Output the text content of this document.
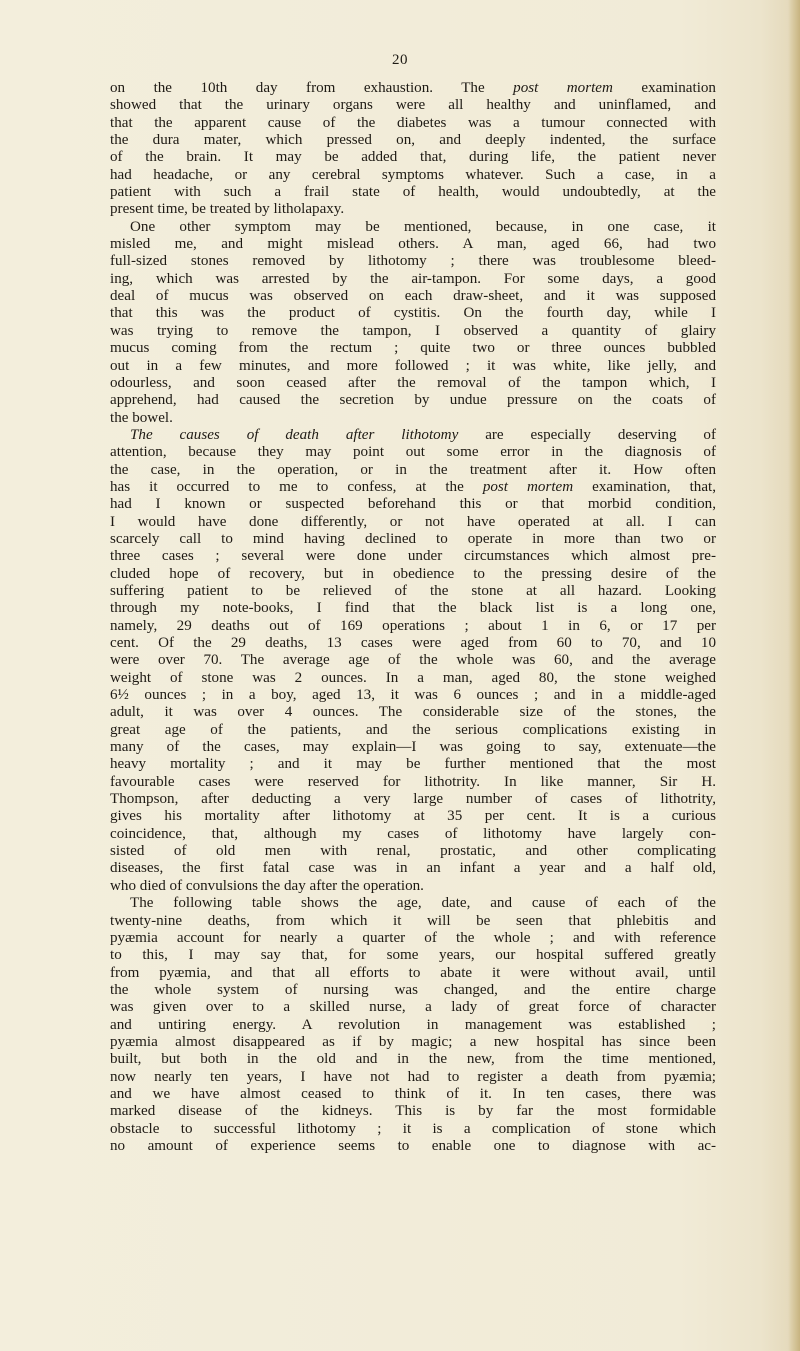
20
on the 10th day from exhaustion. The post mortem examination
showed that the urinary organs were all healthy and uninflamed, and
that the apparent cause of the diabetes was a tumour connected with
the dura mater, which pressed on, and deeply indented, the surface
of the brain. It may be added that, during life, the patient never
had headache, or any cerebral symptoms whatever. Such a case, in a
patient with such a frail state of health, would undoubtedly, at the
present time, be treated by litholapaxy.
One other symptom may be mentioned, because, in one case, it
misled me, and might mislead others. A man, aged 66, had two
full-sized stones removed by lithotomy ; there was troublesome bleed-
ing, which was arrested by the air-tampon. For some days, a good
deal of mucus was observed on each draw-sheet, and it was supposed
that this was the product of cystitis. On the fourth day, while I
was trying to remove the tampon, I observed a quantity of glairy
mucus coming from the rectum ; quite two or three ounces bubbled
out in a few minutes, and more followed ; it was white, like jelly, and
odourless, and soon ceased after the removal of the tampon which, I
apprehend, had caused the secretion by undue pressure on the coats of
the bowel.
The causes of death after lithotomy are especially deserving of
attention, because they may point out some error in the diagnosis of
the case, in the operation, or in the treatment after it. How often
has it occurred to me to confess, at the post mortem examination, that,
had I known or suspected beforehand this or that morbid condition,
I would have done differently, or not have operated at all. I can
scarcely call to mind having declined to operate in more than two or
three cases ; several were done under circumstances which almost pre-
cluded hope of recovery, but in obedience to the pressing desire of the
suffering patient to be relieved of the stone at all hazard. Looking
through my note-books, I find that the black list is a long one,
namely, 29 deaths out of 169 operations ; about 1 in 6, or 17 per
cent. Of the 29 deaths, 13 cases were aged from 60 to 70, and 10
were over 70. The average age of the whole was 60, and the average
weight of stone was 2 ounces. In a man, aged 80, the stone weighed
6½ ounces ; in a boy, aged 13, it was 6 ounces ; and in a middle-aged
adult, it was over 4 ounces. The considerable size of the stones, the
great age of the patients, and the serious complications existing in
many of the cases, may explain—I was going to say, extenuate—the
heavy mortality ; and it may be further mentioned that the most
favourable cases were reserved for lithotrity. In like manner, Sir H.
Thompson, after deducting a very large number of cases of lithotrity,
gives his mortality after lithotomy at 35 per cent. It is a curious
coincidence, that, although my cases of lithotomy have largely con-
sisted of old men with renal, prostatic, and other complicating
diseases, the first fatal case was in an infant a year and a half old,
who died of convulsions the day after the operation.
The following table shows the age, date, and cause of each of the
twenty-nine deaths, from which it will be seen that phlebitis and
pyæmia account for nearly a quarter of the whole ; and with reference
to this, I may say that, for some years, our hospital suffered greatly
from pyæmia, and that all efforts to abate it were without avail, until
the whole system of nursing was changed, and the entire charge
was given over to a skilled nurse, a lady of great force of character
and untiring energy. A revolution in management was established ;
pyæmia almost disappeared as if by magic; a new hospital has since been
built, but both in the old and in the new, from the time mentioned,
now nearly ten years, I have not had to register a death from pyæmia;
and we have almost ceased to think of it. In ten cases, there was
marked disease of the kidneys. This is by far the most formidable
obstacle to successful lithotomy ; it is a complication of stone which
no amount of experience seems to enable one to diagnose with ac-
